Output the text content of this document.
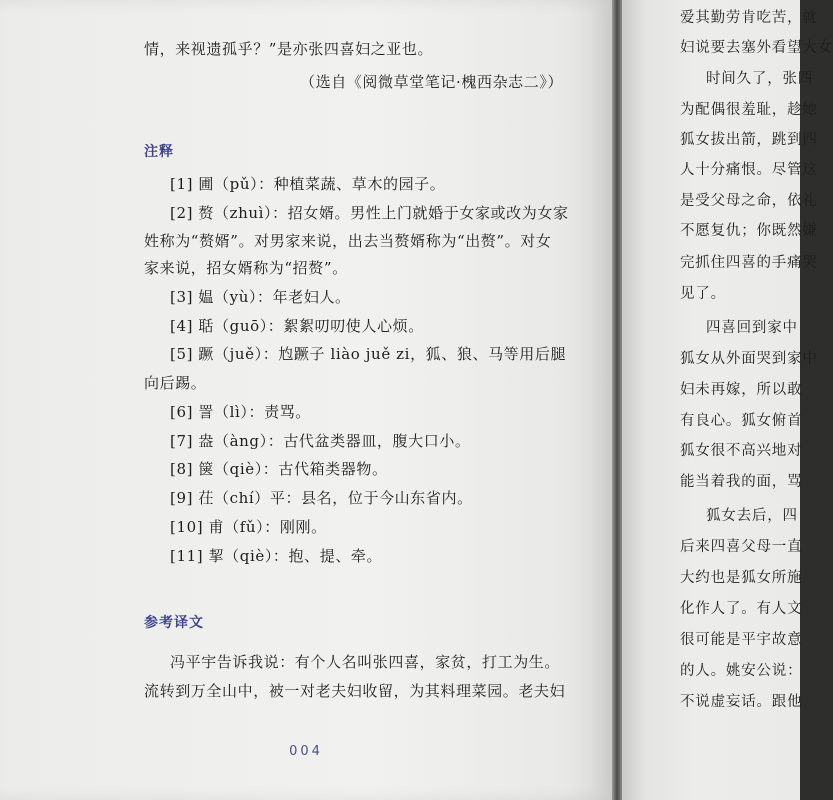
情，来视遗孤乎？”是亦张四喜妇之亚也。
（选自《阅微草堂笔记·槐西杂志二》）
注释
[1] 圃（pǔ）：种植菜蔬、草木的园子。
[2] 赘（zhuì）：招女婿。男性上门就婚于女家或改为女家
姓称为“赘婿”。对男家来说，出去当赘婿称为“出赘”。对女
家来说，招女婿称为“招赘”。
[3] 媪（yù）：年老妇人。
[4] 聒（guō）：絮絮叨叨使人心烦。
[5] 蹶（juě）：尥蹶子 liào juě zi，狐、狼、马等用后腿
向后踢。
[6] 詈（lì）：责骂。
[7] 盎（àng）：古代盆类器皿，腹大口小。
[8] 箧（qiè）：古代箱类器物。
[9] 茌（chí）平：县名，位于今山东省内。
[10] 甫（fǔ）：刚刚。
[11] 挈（qiè）：抱、提、牵。
参考译文
冯平宇告诉我说：有个人名叫张四喜，家贫，打工为生。
流转到万全山中，被一对老夫妇收留，为其料理菜园。老夫妇
004
爱其勤劳肯吃苦，就
妇说要去塞外看望大女
时间久了，张四
为配偶很羞耻，趁她
狐女拔出箭，跳到四
人十分痛恨。尽管这
是受父母之命，依礼
不愿复仇；你既然嫌
完抓住四喜的手痛哭
见了。
四喜回到家中
狐女从外面哭到家中
妇未再嫁，所以敢
有良心。狐女俯首
狐女很不高兴地对
能当着我的面，骂
狐女去后，四
后来四喜父母一直
大约也是狐女所施
化作人了。有人文
很可能是平宇故意
的人。姚安公说：
不说虚妄话。跟他
